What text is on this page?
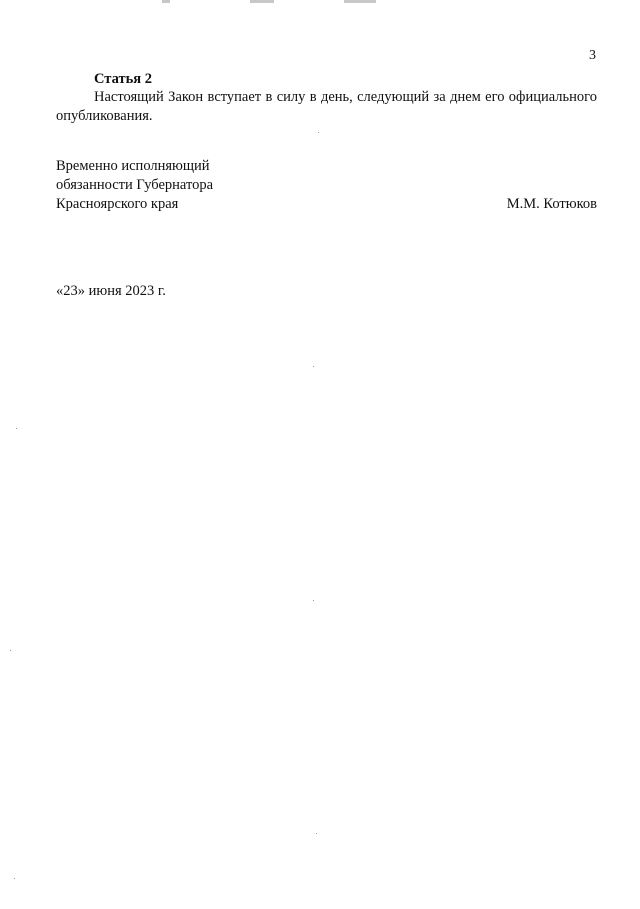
3
Статья 2

Настоящий Закон вступает в силу в день, следующий за днем его официального опубликования.

Временно исполняющий
обязанности Губернатора
Красноярского края	М.М. Котюков
«23» июня 2023 г.
